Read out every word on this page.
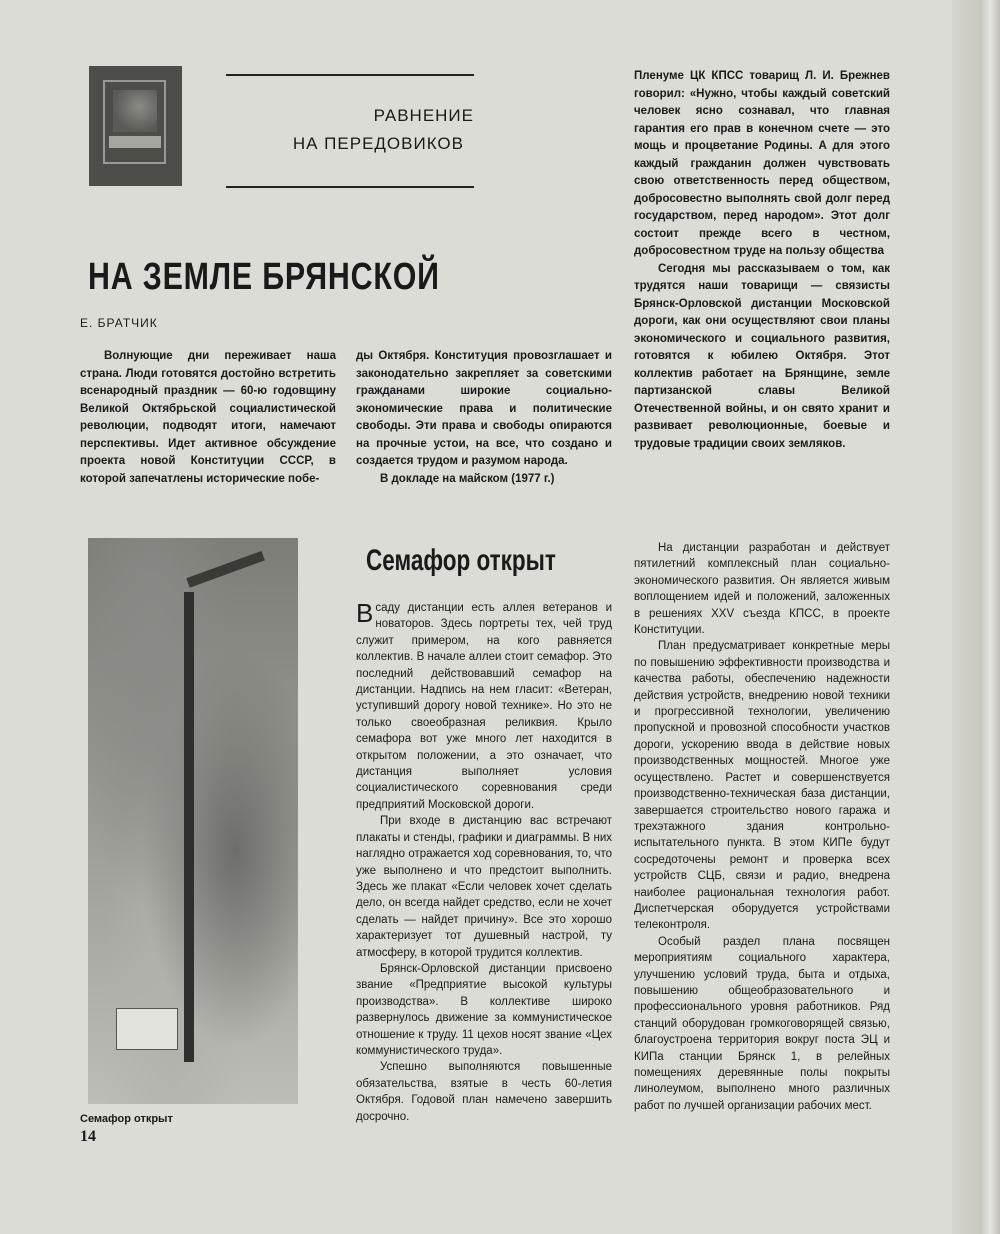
РАВНЕНИЕ
НА ПЕРЕДОВИКОВ
НА ЗЕМЛЕ БРЯНСКОЙ
Е. БРАТЧИК

Волнующие дни переживает наша страна. Люди готовятся достойно встретить всенародный праздник — 60-ю годовщину Великой Октябрьской социалистической революции, подводят итоги, намечают перспективы. Идет активное обсуждение проекта новой Конституции СССР, в которой запечатлены исторические побе-

ды Октября. Конституция провозглашает и законодательно закрепляет за советскими гражданами широкие социально-экономические права и политические свободы. Эти права и свободы опираются на прочные устои, на все, что создано и создается трудом и разумом народа.

В докладе на майском (1977 г.)

Пленуме ЦК КПСС товарищ Л. И. Брежнев говорил: «Нужно, чтобы каждый советский человек ясно сознавал, что главная гарантия его прав в конечном счете — это мощь и процветание Родины. А для этого каждый гражданин должен чувствовать свою ответственность перед обществом, добросовестно выполнять свой долг перед государством, перед народом». Этот долг состоит прежде всего в честном, добросовестном труде на пользу общества

Сегодня мы рассказываем о том, как трудятся наши товарищи — связисты Брянск-Орловской дистанции Московской дороги, как они осуществляют свои планы экономического и социального развития, готовятся к юбилею Октября. Этот коллектив работает на Брянщине, земле партизанской славы Великой Отечественной войны, и он свято хранит и развивает революционные, боевые и трудовые традиции своих земляков.

Семафор открыт
14
Семафор открыт

Всаду дистанции есть аллея ветеранов и новаторов. Здесь портреты тех, чей труд служит примером, на кого равняется коллектив. В начале аллеи стоит семафор. Это последний действовавший семафор на дистанции. Надпись на нем гласит: «Ветеран, уступивший дорогу новой технике». Но это не только своеобразная реликвия. Крыло семафора вот уже много лет находится в открытом положении, а это означает, что дистанция выполняет условия социалистического соревнования среди предприятий Московской дороги.

При входе в дистанцию вас встречают плакаты и стенды, графики и диаграммы. В них наглядно отражается ход соревнования, то, что уже выполнено и что предстоит выполнить. Здесь же плакат «Если человек хочет сделать дело, он всегда найдет средство, если не хочет сделать — найдет причину». Все это хорошо характеризует тот душевный настрой, ту атмосферу, в которой трудится коллектив.

Брянск-Орловской дистанции присвоено звание «Предприятие высокой культуры производства». В коллективе широко развернулось движение за коммунистическое отношение к труду. 11 цехов носят звание «Цех коммунистического труда».

Успешно выполняются повышенные обязательства, взятые в честь 60-летия Октября. Годовой план намечено завершить досрочно.

На дистанции разработан и действует пятилетний комплексный план социально-экономического развития. Он является живым воплощением идей и положений, заложенных в решениях XXV съезда КПСС, в проекте Конституции.

План предусматривает конкретные меры по повышению эффективности производства и качества работы, обеспечению надежности действия устройств, внедрению новой техники и прогрессивной технологии, увеличению пропускной и провозной способности участков дороги, ускорению ввода в действие новых производственных мощностей. Многое уже осуществлено. Растет и совершенствуется производственно-техническая база дистанции, завершается строительство нового гаража и трехэтажного здания контрольно-испытательного пункта. В этом КИПе будут сосредоточены ремонт и проверка всех устройств СЦБ, связи и радио, внедрена наиболее рациональная технология работ. Диспетчерская оборудуется устройствами телеконтроля.

Особый раздел плана посвящен мероприятиям социального характера, улучшению условий труда, быта и отдыха, повышению общеобразовательного и профессионального уровня работников. Ряд станций оборудован громкоговорящей связью, благоустроена территория вокруг поста ЭЦ и КИПа станции Брянск 1, в релейных помещениях деревянные полы покрыты линолеумом, выполнено много различных работ по лучшей организации рабочих мест.
